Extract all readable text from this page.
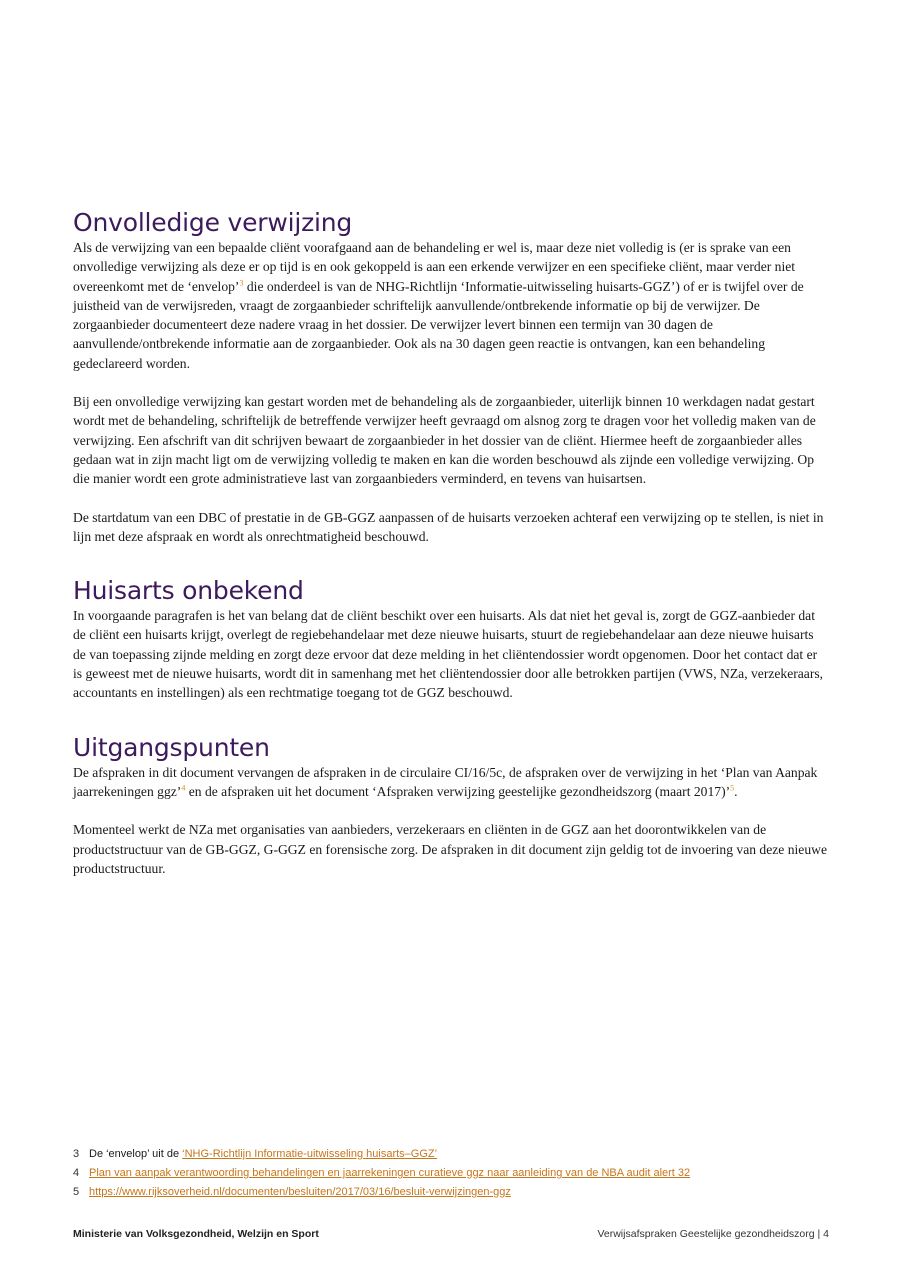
Onvolledige verwijzing

Als de verwijzing van een bepaalde cliënt voorafgaand aan de behandeling er wel is, maar deze niet volledig is (er is sprake van een onvolledige verwijzing als deze er op tijd is en ook gekoppeld is aan een erkende verwijzer en een specifieke cliënt, maar verder niet overeenkomt met de ‘envelop’$^3$ die onderdeel is van de NHG-Richtlijn ‘Informatie-uitwisseling huisarts-GGZ’) of er is twijfel over de juistheid van de verwijsreden, vraagt de zorgaanbieder schriftelijk aanvullende/ontbrekende informatie op bij de verwijzer. De zorgaanbieder documenteert deze nadere vraag in het dossier. De verwijzer levert binnen een termijn van 30 dagen de aanvullende/ontbrekende informatie aan de zorgaanbieder. Ook als na 30 dagen geen reactie is ontvangen, kan een behandeling gedeclareerd worden.

Bij een onvolledige verwijzing kan gestart worden met de behandeling als de zorgaanbieder, uiterlijk binnen 10 werkdagen nadat gestart wordt met de behandeling, schriftelijk de betreffende verwijzer heeft gevraagd om alsnog zorg te dragen voor het volledig maken van de verwijzing. Een afschrift van dit schrijven bewaart de zorgaanbieder in het dossier van de cliënt. Hiermee heeft de zorgaanbieder alles gedaan wat in zijn macht ligt om de verwijzing volledig te maken en kan die worden beschouwd als zijnde een volledige verwijzing. Op die manier wordt een grote administratieve last van zorgaanbieders verminderd, en tevens van huisartsen.

De startdatum van een DBC of prestatie in de GB-GGZ aanpassen of de huisarts verzoeken achteraf een verwijzing op te stellen, is niet in lijn met deze afspraak en wordt als onrechtmatigheid beschouwd.

Huisarts onbekend

In voorgaande paragrafen is het van belang dat de cliënt beschikt over een huisarts. Als dat niet het geval is, zorgt de GGZ-aanbieder dat de cliënt een huisarts krijgt, overlegt de regiebehandelaar met deze nieuwe huisarts, stuurt de regiebehandelaar aan deze nieuwe huisarts de van toepassing zijnde melding en zorgt deze ervoor dat deze melding in het cliëntendossier wordt opgenomen. Door het contact dat er is geweest met de nieuwe huisarts, wordt dit in samenhang met het cliëntendossier door alle betrokken partijen (VWS, NZa, verzekeraars, accountants en instellingen) als een rechtmatige toegang tot de GGZ beschouwd.

Uitgangspunten

De afspraken in dit document vervangen de afspraken in de circulaire CI/16/5c, de afspraken over de verwijzing in het ‘Plan van Aanpak jaarrekeningen ggz’$^4$ en de afspraken uit het document ‘Afspraken verwijzing geestelijke gezondheidszorg (maart 2017)’$^5$.

Momenteel werkt de NZa met organisaties van aanbieders, verzekeraars en cliënten in de GGZ aan het doorontwikkelen van de productstructuur van de GB-GGZ, G-GGZ en forensische zorg. De afspraken in dit document zijn geldig tot de invoering van deze nieuwe productstructuur.

3 De ‘envelop’ uit de ‘NHG-Richtlijn Informatie-uitwisseling huisarts–GGZ’
4 Plan van aanpak verantwoording behandelingen en jaarrekeningen curatieve ggz naar aanleiding van de NBA audit alert 32
5 https://www.rijksoverheid.nl/documenten/besluiten/2017/03/16/besluit-verwijzingen-ggz
Ministerie van Volksgezondheid, Welzijn en Sport	Verwijsafspraken Geestelijke gezondheidszorg | 4
